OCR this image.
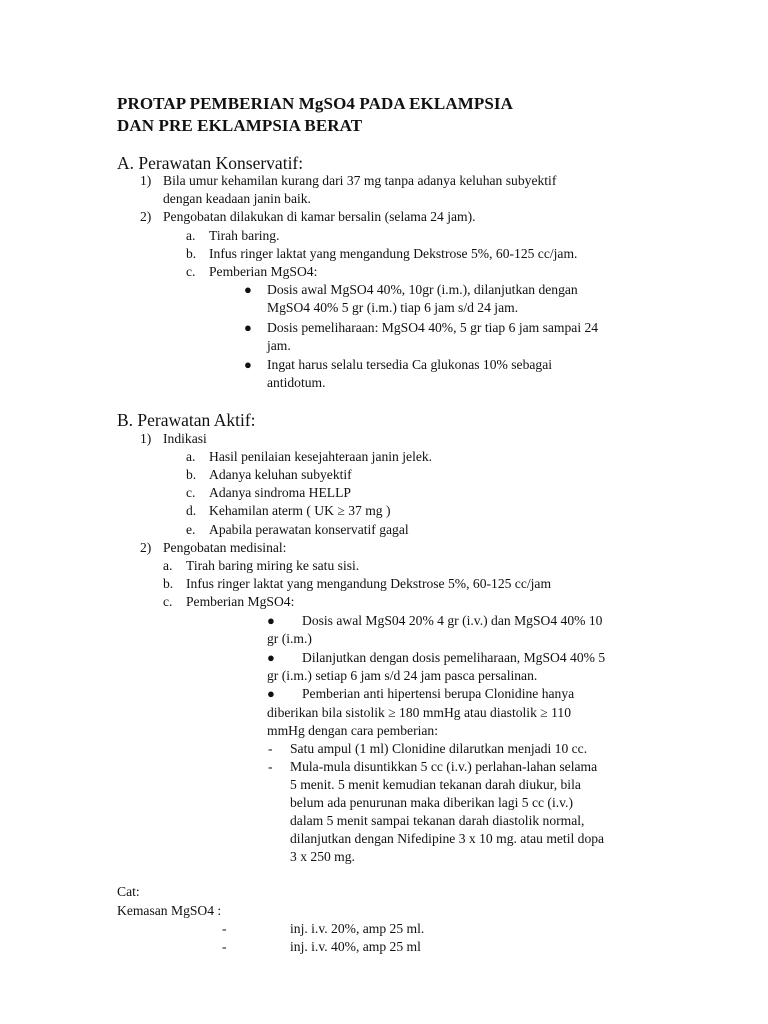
PROTAP PEMBERIAN MgSO4 PADA EKLAMPSIA
DAN PRE EKLAMPSIA BERAT
A. Perawatan Konservatif:
1) Bila umur kehamilan kurang dari 37 mg tanpa adanya keluhan subyektif
dengan keadaan janin baik.
2) Pengobatan dilakukan di kamar bersalin (selama 24 jam).
a. Tirah baring.
b. Infus ringer laktat yang mengandung Dekstrose 5%, 60-125 cc/jam.
c. Pemberian MgSO4:
● Dosis awal MgSO4 40%, 10gr (i.m.), dilanjutkan dengan
MgSO4 40% 5 gr (i.m.) tiap 6 jam s/d 24 jam.
● Dosis pemeliharaan: MgSO4 40%, 5 gr tiap 6 jam sampai 24
jam.
● Ingat harus selalu tersedia Ca glukonas 10% sebagai
antidotum.
B. Perawatan Aktif:
1) Indikasi
a. Hasil penilaian kesejahteraan janin jelek.
b. Adanya keluhan subyektif
c. Adanya sindroma HELLP
d. Kehamilan aterm ( UK ≥ 37 mg )
e. Apabila perawatan konservatif gagal
2) Pengobatan medisinal:
a. Tirah baring miring ke satu sisi.
b. Infus ringer laktat yang mengandung Dekstrose 5%, 60-125 cc/jam
c. Pemberian MgSO4:
● Dosis awal MgS04 20% 4 gr (i.v.) dan MgSO4 40% 10
gr (i.m.)
● Dilanjutkan dengan dosis pemeliharaan, MgSO4 40% 5
gr (i.m.) setiap 6 jam s/d 24 jam pasca persalinan.
● Pemberian anti hipertensi berupa Clonidine hanya
diberikan bila sistolik ≥ 180 mmHg atau diastolik ≥ 110
mmHg dengan cara pemberian:
- Satu ampul (1 ml) Clonidine dilarutkan menjadi 10 cc.
- Mula-mula disuntikkan 5 cc (i.v.) perlahan-lahan selama
5 menit. 5 menit kemudian tekanan darah diukur, bila
belum ada penurunan maka diberikan lagi 5 cc (i.v.)
dalam 5 menit sampai tekanan darah diastolik normal,
dilanjutkan dengan Nifedipine 3 x 10 mg. atau metil dopa
3 x 250 mg.
Cat:
Kemasan MgSO4 :
-	inj. i.v. 20%, amp 25 ml.
-	inj. i.v. 40%, amp 25 ml
